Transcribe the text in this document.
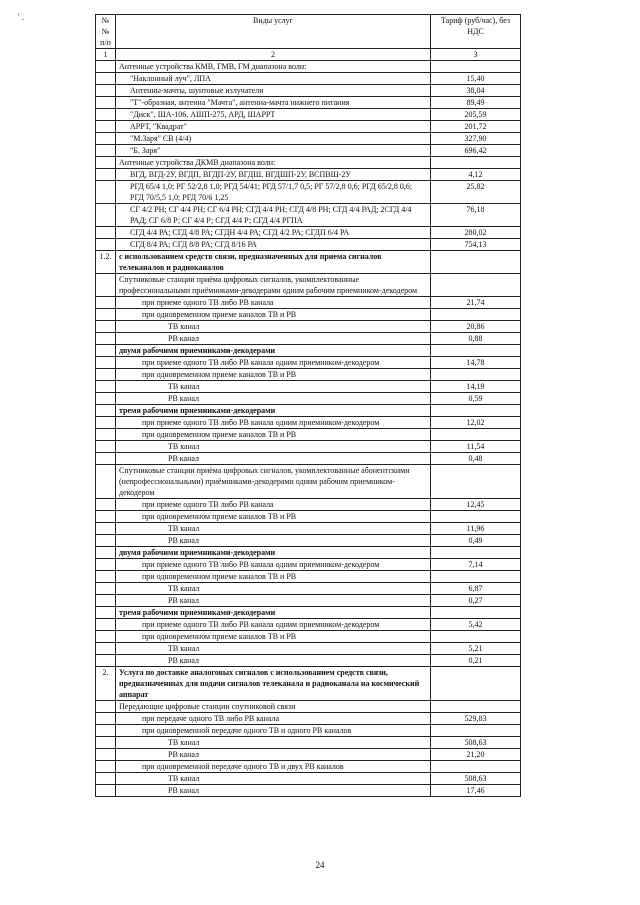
' .	№№ п/п	Виды услуг	Тариф (руб/час), без НДС
1	2	3
	Антенные устройства КМВ, ГМВ, ГМ диапазона волн:	
	"Наклонный луч", ЛПА	15,40
	Антенны-мачты, шунтовые излучатели	38,04
	"Т"-образная, антенна "Мачта", антенна-мачта нижнего питания	89,49
	"Диск", ША-106, АШП-275, АРД, ШАРРТ	205,59
	АРРТ, "Квадрат"	201,72
	"М.Заря" СВ (4/4)	327,90
	"Б. Заря"	696,42
	Антенные устройства ДКМВ диапазона волн:	
	ВГД, ВГД-2У, ВГДП, ВГДП-2У, ВГДШ, ВГДШП-2У, ВСПВШ-2У	4,12
	РГД 65/4 1,0; РГ 52/2,8 1,0; РГД 54/41; РГД 57/1,7 0,5; РГ 57/2,8 0,6; РГД 65/2,8 0,6; РГД 70/5,5 1,0; РГД 70/6 1,25	25,82
	СГ 4/2 РН; СГ 4/4 РН; СГ 6/4 РН; СГД 4/4 РН; СГД 4/8 РН; СГД 4/4 РАД; 2СГД 4/4 РАД; СГ 6/8 Р; СГ 4/4 Р; СГД 4/4 Р; СГД 4/4 РГПА	76,18
	СГД 4/4 РА; СГД 4/8 РА; СГДН 4/4 РА; СГД 4/2 РА; СГДП 6/4 РА	280,02
	СГД 8/4 РА; СГД 8/8 РА; СГД 8/16 РА	754,13
1.2.	с использованием средств связи, предназначенных для приема сигналов телеканалов и радиоканалов	
	Спутниковые станции приёма цифровых сигналов, укомплектованные профессиональными приёмниками-декодерами одним рабочим приемником-декодером	
	при приеме одного ТВ либо РВ канала	21,74
	при одновременном приеме каналов ТВ и РВ	
	ТВ канал	20,86
	РВ канал	0,88
	двумя рабочими приемниками-декодерами	
	при приеме одного ТВ либо РВ канала одним приемником-декодером	14,78
	при одновременном приеме каналов ТВ и РВ	
	ТВ канал	14,19
	РВ канал	0,59
	тремя рабочими приемниками-декодерами	
	при приеме одного ТВ либо РВ канала одним приемником-декодером	12,02
	при одновременном приеме каналов ТВ и РВ	
	ТВ канал	11,54
	РВ канал	0,48
	Спутниковые станции приёма цифровых сигналов, укомплектованные абонентскими (непрофессиональными) приёмниками-декодерами одним рабочим приемником-декодером	
	при приеме одного ТВ либо РВ канала	12,45
	при одновременном приеме каналов ТВ и РВ	
	ТВ канал	11,96
	РВ канал	0,49
	двумя рабочими приемниками-декодерами	
	при приеме одного ТВ либо РВ канала одним приемником-декодером	7,14
	при одновременном приеме каналов ТВ и РВ	
	ТВ канал	6,87
	РВ канал	0,27
	тремя рабочими приемниками-декодерами	
	при приеме одного ТВ либо РВ канала одним приемником-декодером	5,42
	при одновременном приеме каналов ТВ и РВ	
	ТВ канал	5,21
	РВ канал	0,21
2.	Услуга по доставке аналоговых сигналов с использованием средств связи, предназначенных для подачи сигналов телеканала и радиоканала на космический аппарат	
	Передающие цифровые станции спутниковой связи	
	при передаче одного ТВ либо РВ канала	529,83
	при одновременной передаче одного ТВ и одного РВ каналов	
	ТВ канал	508,63
	РВ канал	21,20
	при одновременной передаче одного ТВ и двух РВ каналов	
	ТВ канал	508,63
	РВ канал	17,46
24
